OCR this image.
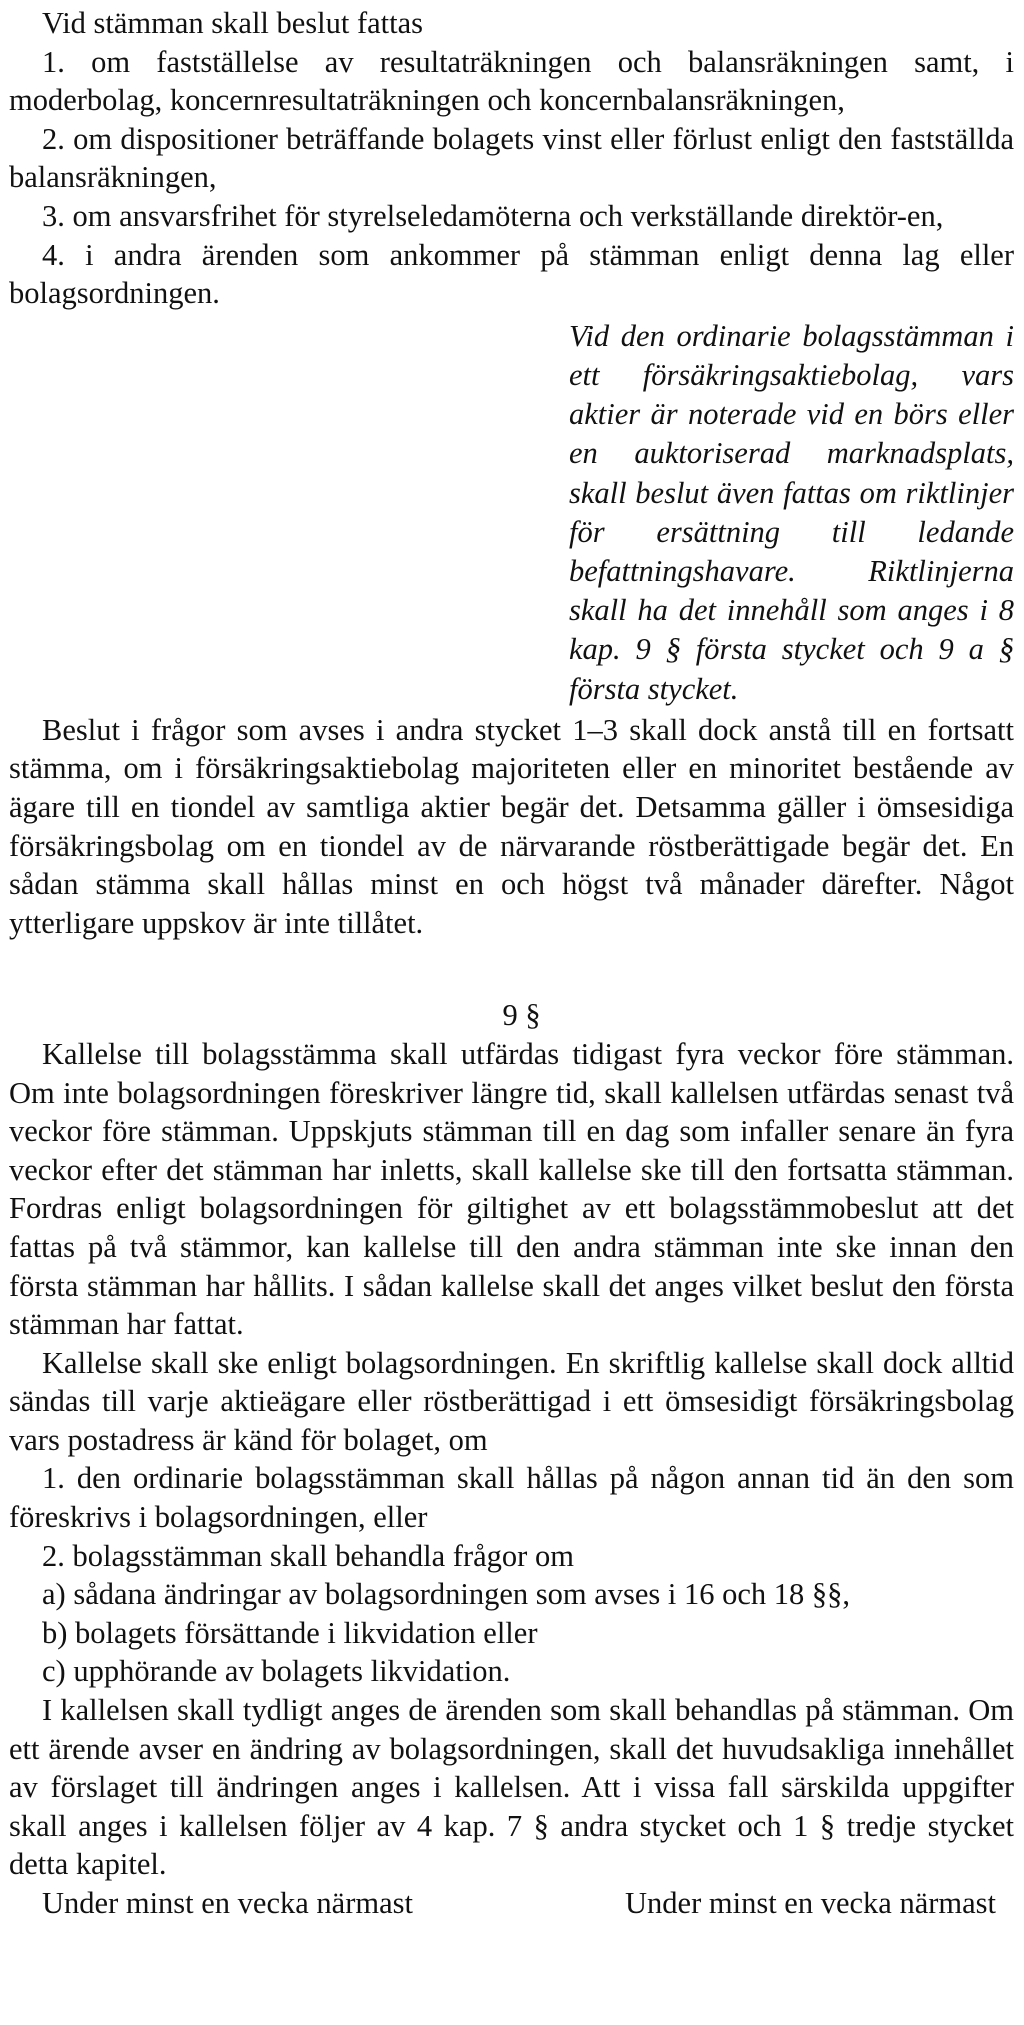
Vid stämman skall beslut fattas

1. om fastställelse av resultaträkningen och balansräkningen samt, i moderbolag, koncernresultaträkningen och koncernbalansräkningen,

2. om dispositioner beträffande bolagets vinst eller förlust enligt den fastställda balansräkningen,

3. om ansvarsfrihet för styrelseledamöterna och verkställande direktör-en,

4. i andra ärenden som ankommer på stämman enligt denna lag eller bolagsordningen.

Vid den ordinarie bolagsstämman i ett försäkringsaktiebolag, vars aktier är noterade vid en börs eller en auktoriserad marknadsplats, skall beslut även fattas om riktlinjer för ersättning till ledande befattningshavare. Riktlinjerna skall ha det innehåll som anges i 8 kap. 9 § första stycket och 9 a § första stycket.

Beslut i frågor som avses i andra stycket 1–3 skall dock anstå till en fortsatt stämma, om i försäkringsaktiebolag majoriteten eller en minoritet bestående av ägare till en tiondel av samtliga aktier begär det. Detsamma gäller i ömsesidiga försäkringsbolag om en tiondel av de närvarande röstberättigade begär det. En sådan stämma skall hållas minst en och högst två månader därefter. Något ytterligare uppskov är inte tillåtet.

9 §

Kallelse till bolagsstämma skall utfärdas tidigast fyra veckor före stämman. Om inte bolagsordningen föreskriver längre tid, skall kallelsen utfärdas senast två veckor före stämman. Uppskjuts stämman till en dag som infaller senare än fyra veckor efter det stämman har inletts, skall kallelse ske till den fortsatta stämman. Fordras enligt bolagsordningen för giltighet av ett bolagsstämmobeslut att det fattas på två stämmor, kan kallelse till den andra stämman inte ske innan den första stämman har hållits. I sådan kallelse skall det anges vilket beslut den första stämman har fattat.

Kallelse skall ske enligt bolagsordningen. En skriftlig kallelse skall dock alltid sändas till varje aktieägare eller röstberättigad i ett ömsesidigt försäkringsbolag vars postadress är känd för bolaget, om

1. den ordinarie bolagsstämman skall hållas på någon annan tid än den som föreskrivs i bolagsordningen, eller

2. bolagsstämman skall behandla frågor om

a) sådana ändringar av bolagsordningen som avses i 16 och 18 §§,

b) bolagets försättande i likvidation eller

c) upphörande av bolagets likvidation.

I kallelsen skall tydligt anges de ärenden som skall behandlas på stämman. Om ett ärende avser en ändring av bolagsordningen, skall det huvudsakliga innehållet av förslaget till ändringen anges i kallelsen. Att i vissa fall särskilda uppgifter skall anges i kallelsen följer av 4 kap. 7 § andra stycket och 1 § tredje stycket detta kapitel.

Under minst en vecka närmast	Under minst en vecka närmast
